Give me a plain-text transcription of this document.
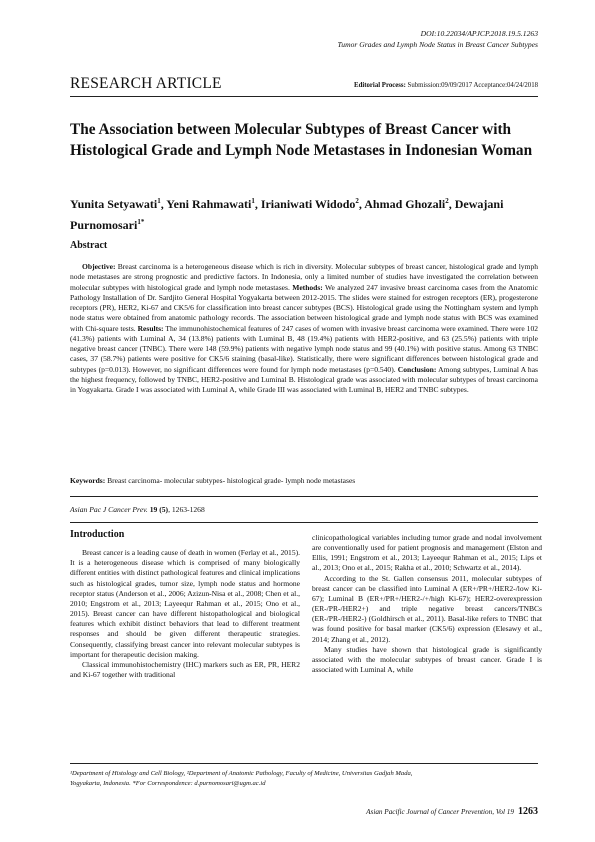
DOI:10.22034/APJCP.2018.19.5.1263
Tumor Grades and Lymph Node Status in Breast Cancer Subtypes
RESEARCH ARTICLE	Editorial Process: Submission:09/09/2017 Acceptance:04/24/2018
The Association between Molecular Subtypes of Breast Cancer with Histological Grade and Lymph Node Metastases in Indonesian Woman
Yunita Setyawati$^1$, Yeni Rahmawati$^1$, Irianiwati Widodo$^2$, Ahmad Ghozali$^2$, Dewajani Purnomosari$^{1*}$
Abstract
Objective: Breast carcinoma is a heterogeneous disease which is rich in diversity. Molecular subtypes of breast cancer, histological grade and lymph node metastases are strong prognostic and predictive factors. In Indonesia, only a limited number of studies have investigated the correlation between molecular subtypes with histological grade and lymph node metastases. Methods: We analyzed 247 invasive breast carcinoma cases from the Anatomic Pathology Installation of Dr. Sardjito General Hospital Yogyakarta between 2012-2015. The slides were stained for estrogen receptors (ER), progesterone receptors (PR), HER2, Ki-67 and CK5/6 for classification into breast cancer subtypes (BCS). Histological grade using the Nottingham system and lymph node status were obtained from anatomic pathology records. The association between histological grade and lymph node status with BCS was examined with Chi-square tests. Results: The immunohistochemical features of 247 cases of women with invasive breast carcinoma were examined. There were 102 (41.3%) patients with Luminal A, 34 (13.8%) patients with Luminal B, 48 (19.4%) patients with HER2-positive, and 63 (25.5%) patients with triple negative breast cancer (TNBC). There were 148 (59.9%) patients with negative lymph node status and 99 (40.1%) with positive status. Among 63 TNBC cases, 37 (58.7%) patients were positive for CK5/6 staining (basal-like). Statistically, there were significant differences between histological grade and subtypes (p=0.013). However, no significant differences were found for lymph node metastases (p=0.540). Conclusion: Among subtypes, Luminal A has the highest frequency, followed by TNBC, HER2-positive and Luminal B. Histological grade was associated with molecular subtypes of breast carcinoma in Yogyakarta. Grade I was associated with Luminal A, while Grade III was associated with Luminal B, HER2 and TNBC subtypes.
Keywords: Breast carcinoma- molecular subtypes- histological grade- lymph node metastases
Asian Pac J Cancer Prev. 19 (5), 1263-1268

Introduction

Breast cancer is a leading cause of death in women (Ferlay et al., 2015). It is a heterogeneous disease which is comprised of many biologically different entities with distinct pathological features and clinical implications such as histological grades, tumor size, lymph node status and hormone receptor status (Anderson et al., 2006; Azizun-Nisa et al., 2008; Chen et al., 2010; Engstrom et al., 2013; Layeequr Rahman et al., 2015; Ono et al., 2015). Breast cancer can have different histopathological and biological features which exhibit distinct behaviors that lead to different treatment responses and should be given different therapeutic strategies. Consequently, classifying breast cancer into relevant molecular subtypes is important for therapeutic decision making.

Classical immunohistochemistry (IHC) markers such as ER, PR, HER2 and Ki-67 together with traditional

clinicopathological variables including tumor grade and nodal involvement are conventionally used for patient prognosis and management (Elston and Ellis, 1991; Engstrom et al., 2013; Layeequr Rahman et al., 2015; Lips et al., 2013; Ono et al., 2015; Rakha et al., 2010; Schwartz et al., 2014).

According to the St. Gallen consensus 2011, molecular subtypes of breast cancer can be classified into Luminal A (ER+/PR+/HER2-/low Ki-67); Luminal B (ER+/PR+/HER2-/+/high Ki-67); HER2-overexpression (ER-/PR-/HER2+) and triple negative breast cancers/TNBCs (ER-/PR-/HER2-) (Goldhirsch et al., 2011). Basal-like refers to TNBC that was found positive for basal marker (CK5/6) expression (Elesawy et al., 2014; Zhang et al., 2012).

Many studies have shown that histological grade is significantly associated with the molecular subtypes of breast cancer. Grade I is associated with Luminal A, while

¹Department of Histology and Cell Biology, ²Department of Anatomic Pathology, Faculty of Medicine, Universitas Gadjah Mada,
Yogyakarta, Indonesia. *For Correspondence: d.purnomosari@ugm.ac.id
Asian Pacific Journal of Cancer Prevention, Vol 19 1263
